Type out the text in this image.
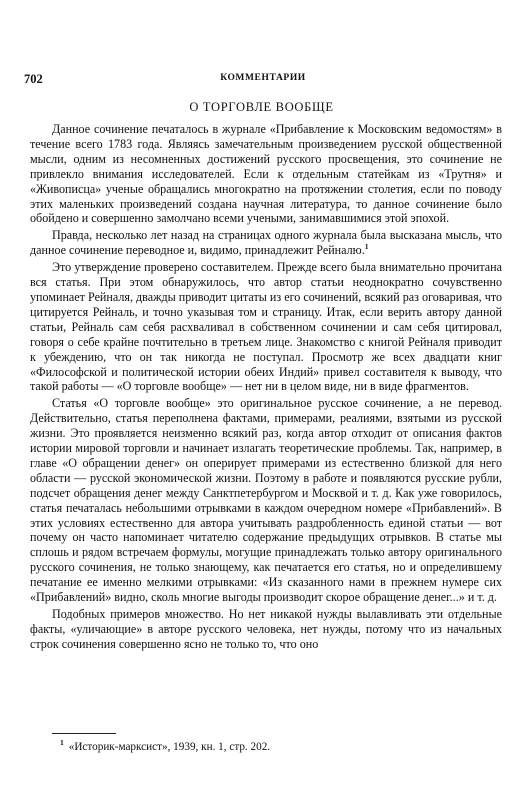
702	КОММЕНТАРИИ
О ТОРГОВЛЕ ВООБЩЕ

Данное сочинение печаталось в журнале «Прибавление к Московским ведомостям» в течение всего 1783 года. Являясь замечательным произведением русской общественной мысли, одним из несомненных достижений русского просвещения, это сочинение не привлекло внимания исследователей. Если к отдельным статейкам из «Трутня» и «Живописца» ученые обращались многократно на протяжении столетия, если по поводу этих маленьких произведений создана научная литература, то данное сочинение было обойдено и совершенно замолчано всеми учеными, занимавшимися этой эпохой.

Правда, несколько лет назад на страницах одного журнала была высказана мысль, что данное сочинение переводное и, видимо, принадлежит Рейналю.$^1$

Это утверждение проверено составителем. Прежде всего была внимательно прочитана вся статья. При этом обнаружилось, что автор статьи неоднократно сочувственно упоминает Рейналя, дважды приводит цитаты из его сочинений, всякий раз оговаривая, что цитируется Рейналь, и точно указывая том и страницу. Итак, если верить автору данной статьи, Рейналь сам себя расхваливал в собственном сочинении и сам себя цитировал, говоря о себе крайне почтительно в третьем лице. Знакомство с книгой Рейналя приводит к убеждению, что он так никогда не поступал. Просмотр же всех двадцати книг «Философской и политической истории обеих Индий» привел составителя к выводу, что такой работы — «О торговле вообще» — нет ни в целом виде, ни в виде фрагментов.

Статья «О торговле вообще» это оригинальное русское сочинение, а не перевод. Действительно, статья переполнена фактами, примерами, реалиями, взятыми из русской жизни. Это проявляется неизменно всякий раз, когда автор отходит от описания фактов истории мировой торговли и начинает излагать теоретические проблемы. Так, например, в главе «О обращении денег» он оперирует примерами из естественно близкой для него области — русской экономической жизни. Поэтому в работе и появляются русские рубли, подсчет обращения денег между Санктпетербургом и Москвой и т. д. Как уже говорилось, статья печаталась небольшими отрывками в каждом очередном номере «Прибавлений». В этих условиях естественно для автора учитывать раздробленность единой статьи — вот почему он часто напоминает читателю содержание предыдущих отрывков. В статье мы сплошь и рядом встречаем формулы, могущие принадлежать только автору оригинального русского сочинения, не только знающему, как печатается его статья, но и определившему печатание ее именно мелкими отрывками: «Из сказанного нами в прежнем нумере сих «Прибавлений» видно, сколь многие выгоды производит скорое обращение денег...» и т. д.

Подобных примеров множество. Но нет никакой нужды вылавливать эти отдельные факты, «уличающие» в авторе русского человека, нет нужды, потому что из начальных строк сочинения совершенно ясно не только то, что оно

$^1$ «Историк-марксист», 1939, кн. 1, стр. 202.
